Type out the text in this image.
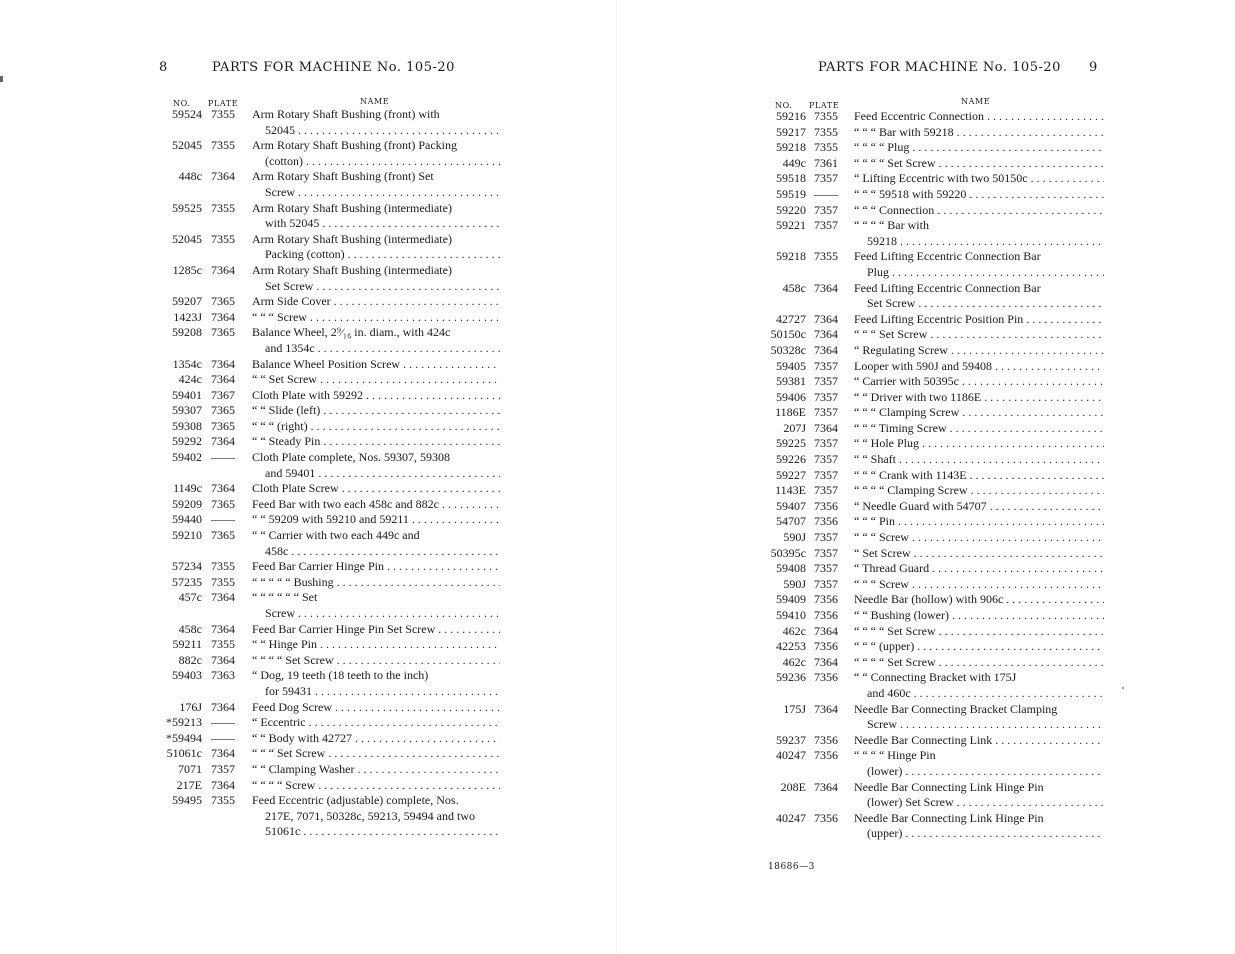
8	PARTS FOR MACHINE No. 105-20
NO. PLATE	NAME
59524 7355 Arm Rotary Shaft Bushing (front) with
52045 . . .
52045 7355 Arm Rotary Shaft Bushing (front) Packing
(cotton) . . .
448c 7364 Arm Rotary Shaft Bushing (front) Set
Screw . . .
59525 7355 Arm Rotary Shaft Bushing (intermediate)
with 52045 . . .
52045 7355 Arm Rotary Shaft Bushing (intermediate)
Packing (cotton) . . .
1285c 7364 Arm Rotary Shaft Bushing (intermediate)
Set Screw . . .
59207 7365 Arm Side Cover . . .
1423J 7364 “ “ “ Screw . . .
59208 7365 Balance Wheel, 2⁹⁄₁₆ in. diam., with 424c
and 1354c . . .
1354c 7364 Balance Wheel Position Screw . . .
424c 7364 “ “ Set Screw . . .
59401 7367 Cloth Plate with 59292 . . .
59307 7365 “ “ Slide (left) . . .
59308 7365 “ “ “ (right) . . .
59292 7364 “ “ Steady Pin . . .
59402 —— Cloth Plate complete, Nos. 59307, 59308
and 59401 . . .
1149c 7364 Cloth Plate Screw . . .
59209 7365 Feed Bar with two each 458c and 882c . . .
59440 —— “ “ 59209 with 59210 and 59211 . . .
59210 7365 “ “ Carrier with two each 449c and
458c . . .
57234 7355 Feed Bar Carrier Hinge Pin . . .
57235 7355 “ “ “ “ “ Bushing . . .
457c 7364 “ “ “ “ “ “ Set
Screw . . .
458c 7364 Feed Bar Carrier Hinge Pin Set Screw . . .
59211 7355 “ “ Hinge Pin . . .
882c 7364 “ “ “ “ Set Screw . . .
59403 7363 “ Dog, 19 teeth (18 teeth to the inch)
for 59431 . . .
176J 7364 Feed Dog Screw . . .
*59213 —— “ Eccentric . . .
*59494 —— “ “ Body with 42727 . . .
51061c 7364 “ “ “ Set Screw . . .
7071 7357 “ “ Clamping Washer . . .
217E 7364 “ “ “ “ Screw . . .
59495 7355 Feed Eccentric (adjustable) complete, Nos.
217E, 7071, 50328c, 59213, 59494 and two
51061c . . .
PARTS FOR MACHINE No. 105-20 9
NO. PLATE	NAME
59216 7355 Feed Eccentric Connection . . .
59217 7355 “ “ “ Bar with 59218 . . .
59218 7355 “ “ “ “ Plug . . .
449c 7361 “ “ “ “ Set Screw . . .
59518 7357 “ Lifting Eccentric with two 50150c . . .
59519 —— “ “ “ 59518 with 59220 . . .
59220 7357 “ “ “ Connection . . .
59221 7357 “ “ “ “ Bar with
59218 . . .
59218 7355 Feed Lifting Eccentric Connection Bar
Plug . . .
458c 7364 Feed Lifting Eccentric Connection Bar
Set Screw . . .
42727 7364 Feed Lifting Eccentric Position Pin . . .
50150c 7364 “ “ “ Set Screw . . .
50328c 7364 “ Regulating Screw . . .
59405 7357 Looper with 590J and 59408 . . .
59381 7357 “ Carrier with 50395c . . .
59406 7357 “ “ Driver with two 1186E . . .
1186E 7357 “ “ “ Clamping Screw . . .
207J 7364 “ “ “ Timing Screw . . .
59225 7357 “ “ Hole Plug . . .
59226 7357 “ “ Shaft . . .
59227 7357 “ “ “ Crank with 1143E . . .
1143E 7357 “ “ “ “ Clamping Screw . . .
59407 7356 “ Needle Guard with 54707 . . .
54707 7356 “ “ “ Pin . . .
590J 7357 “ “ “ Screw . . .
50395c 7357 “ Set Screw . . .
59408 7357 “ Thread Guard . . .
590J 7357 “ “ “ Screw . . .
59409 7356 Needle Bar (hollow) with 906c . . .
59410 7356 “ “ Bushing (lower) . . .
462c 7364 “ “ “ “ Set Screw . . .
42253 7356 “ “ “ (upper) . . .
462c 7364 “ “ “ “ Set Screw . . .
59236 7356 “ “ Connecting Bracket with 175J
and 460c . . .
175J 7364 Needle Bar Connecting Bracket Clamping
Screw . . .
59237 7356 Needle Bar Connecting Link . . .
40247 7356 “ “ “ “ Hinge Pin
(lower) . . .
208E 7364 Needle Bar Connecting Link Hinge Pin
(lower) Set Screw . . .
40247 7356 Needle Bar Connecting Link Hinge Pin
(upper) . . .
18686—3
